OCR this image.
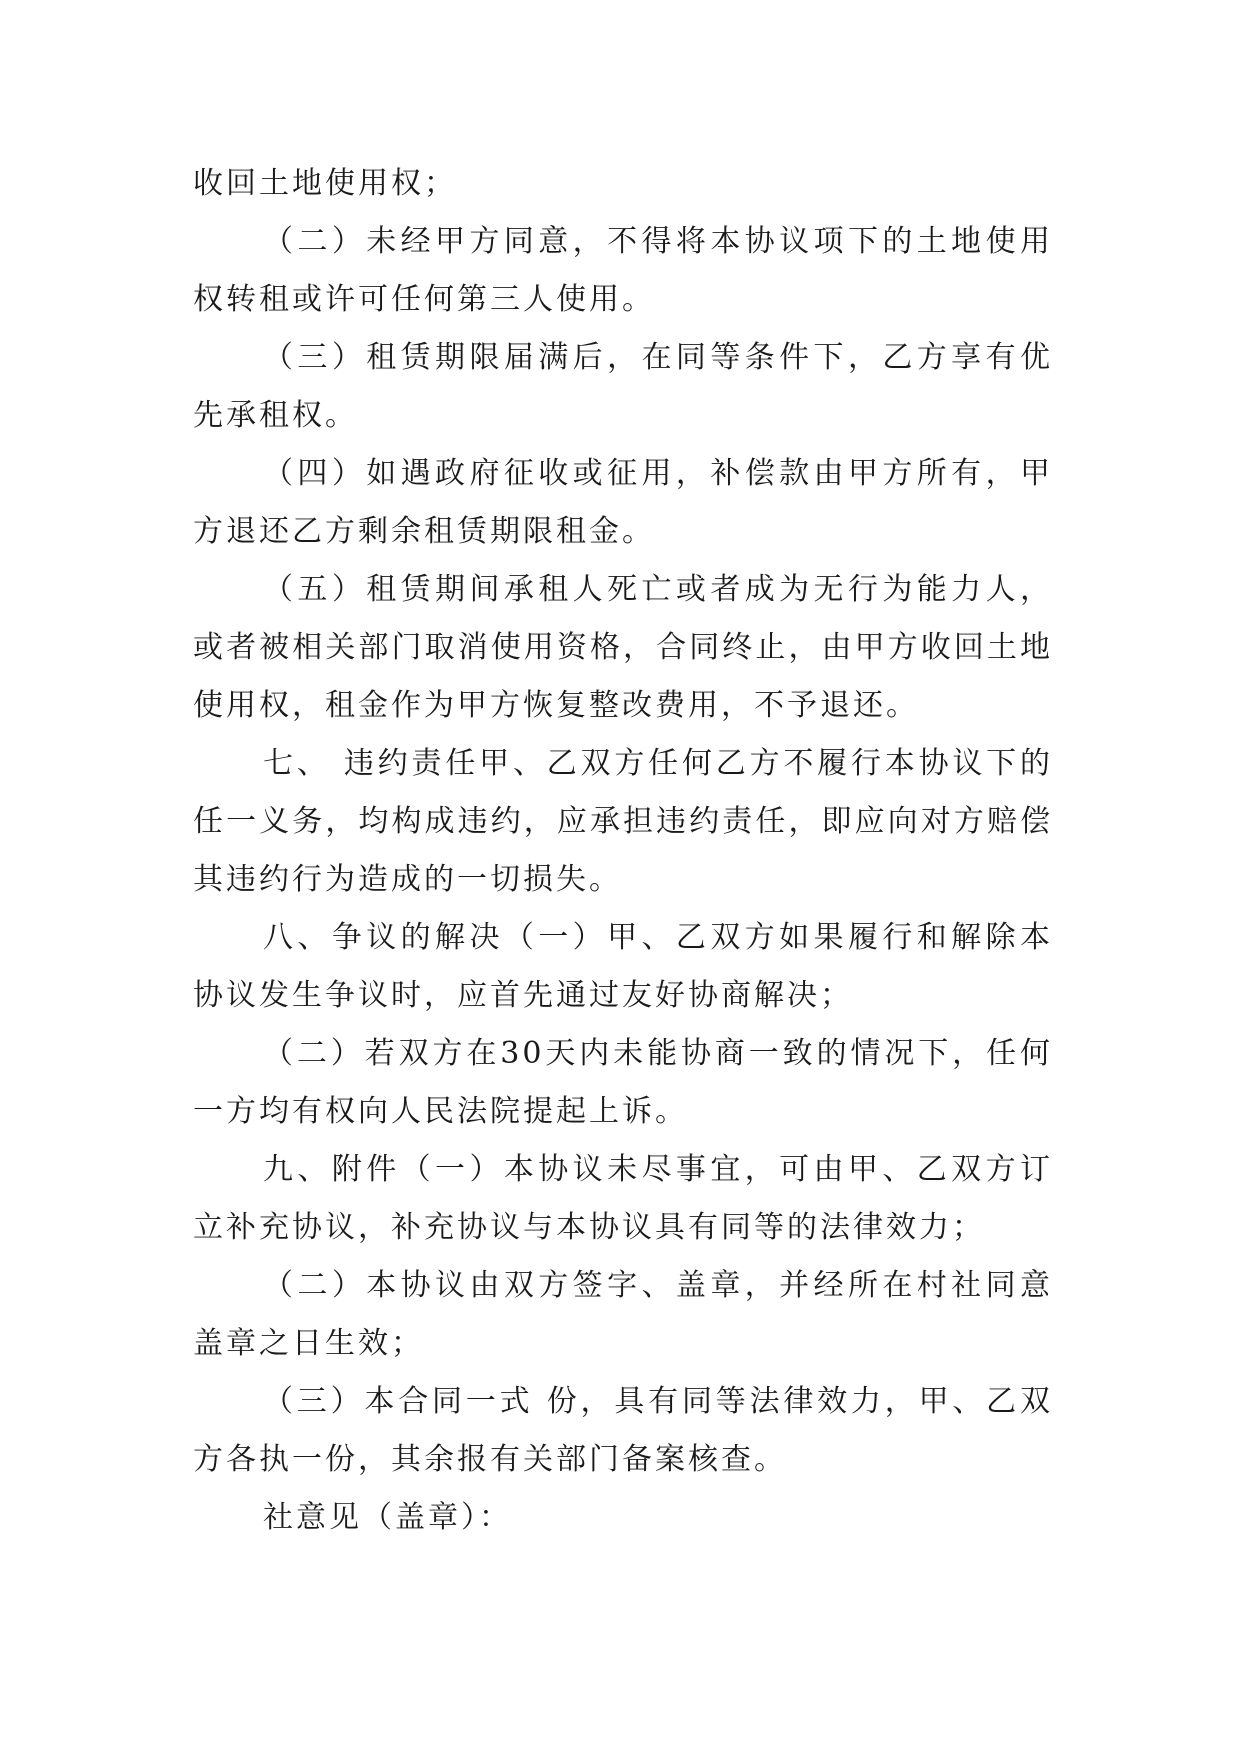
收回土地使用权；

（二）未经甲方同意，不得将本协议项下的土地使用权转租或许可任何第三人使用。

（三）租赁期限届满后，在同等条件下，乙方享有优先承租权。

（四）如遇政府征收或征用，补偿款由甲方所有，甲方退还乙方剩余租赁期限租金。

（五）租赁期间承租人死亡或者成为无行为能力人，或者被相关部门取消使用资格，合同终止，由甲方收回土地使用权，租金作为甲方恢复整改费用，不予退还。

七、 违约责任甲、乙双方任何乙方不履行本协议下的任一义务，均构成违约，应承担违约责任，即应向对方赔偿其违约行为造成的一切损失。

八、争议的解决（一）甲、乙双方如果履行和解除本协议发生争议时，应首先通过友好协商解决；

（二）若双方在30天内未能协商一致的情况下，任何一方均有权向人民法院提起上诉。

九、附件（一）本协议未尽事宜，可由甲、乙双方订立补充协议，补充协议与本协议具有同等的法律效力；

（二）本协议由双方签字、盖章，并经所在村社同意盖章之日生效；

（三）本合同一式 份，具有同等法律效力，甲、乙双方各执一份，其余报有关部门备案核查。

社意见（盖章）：
